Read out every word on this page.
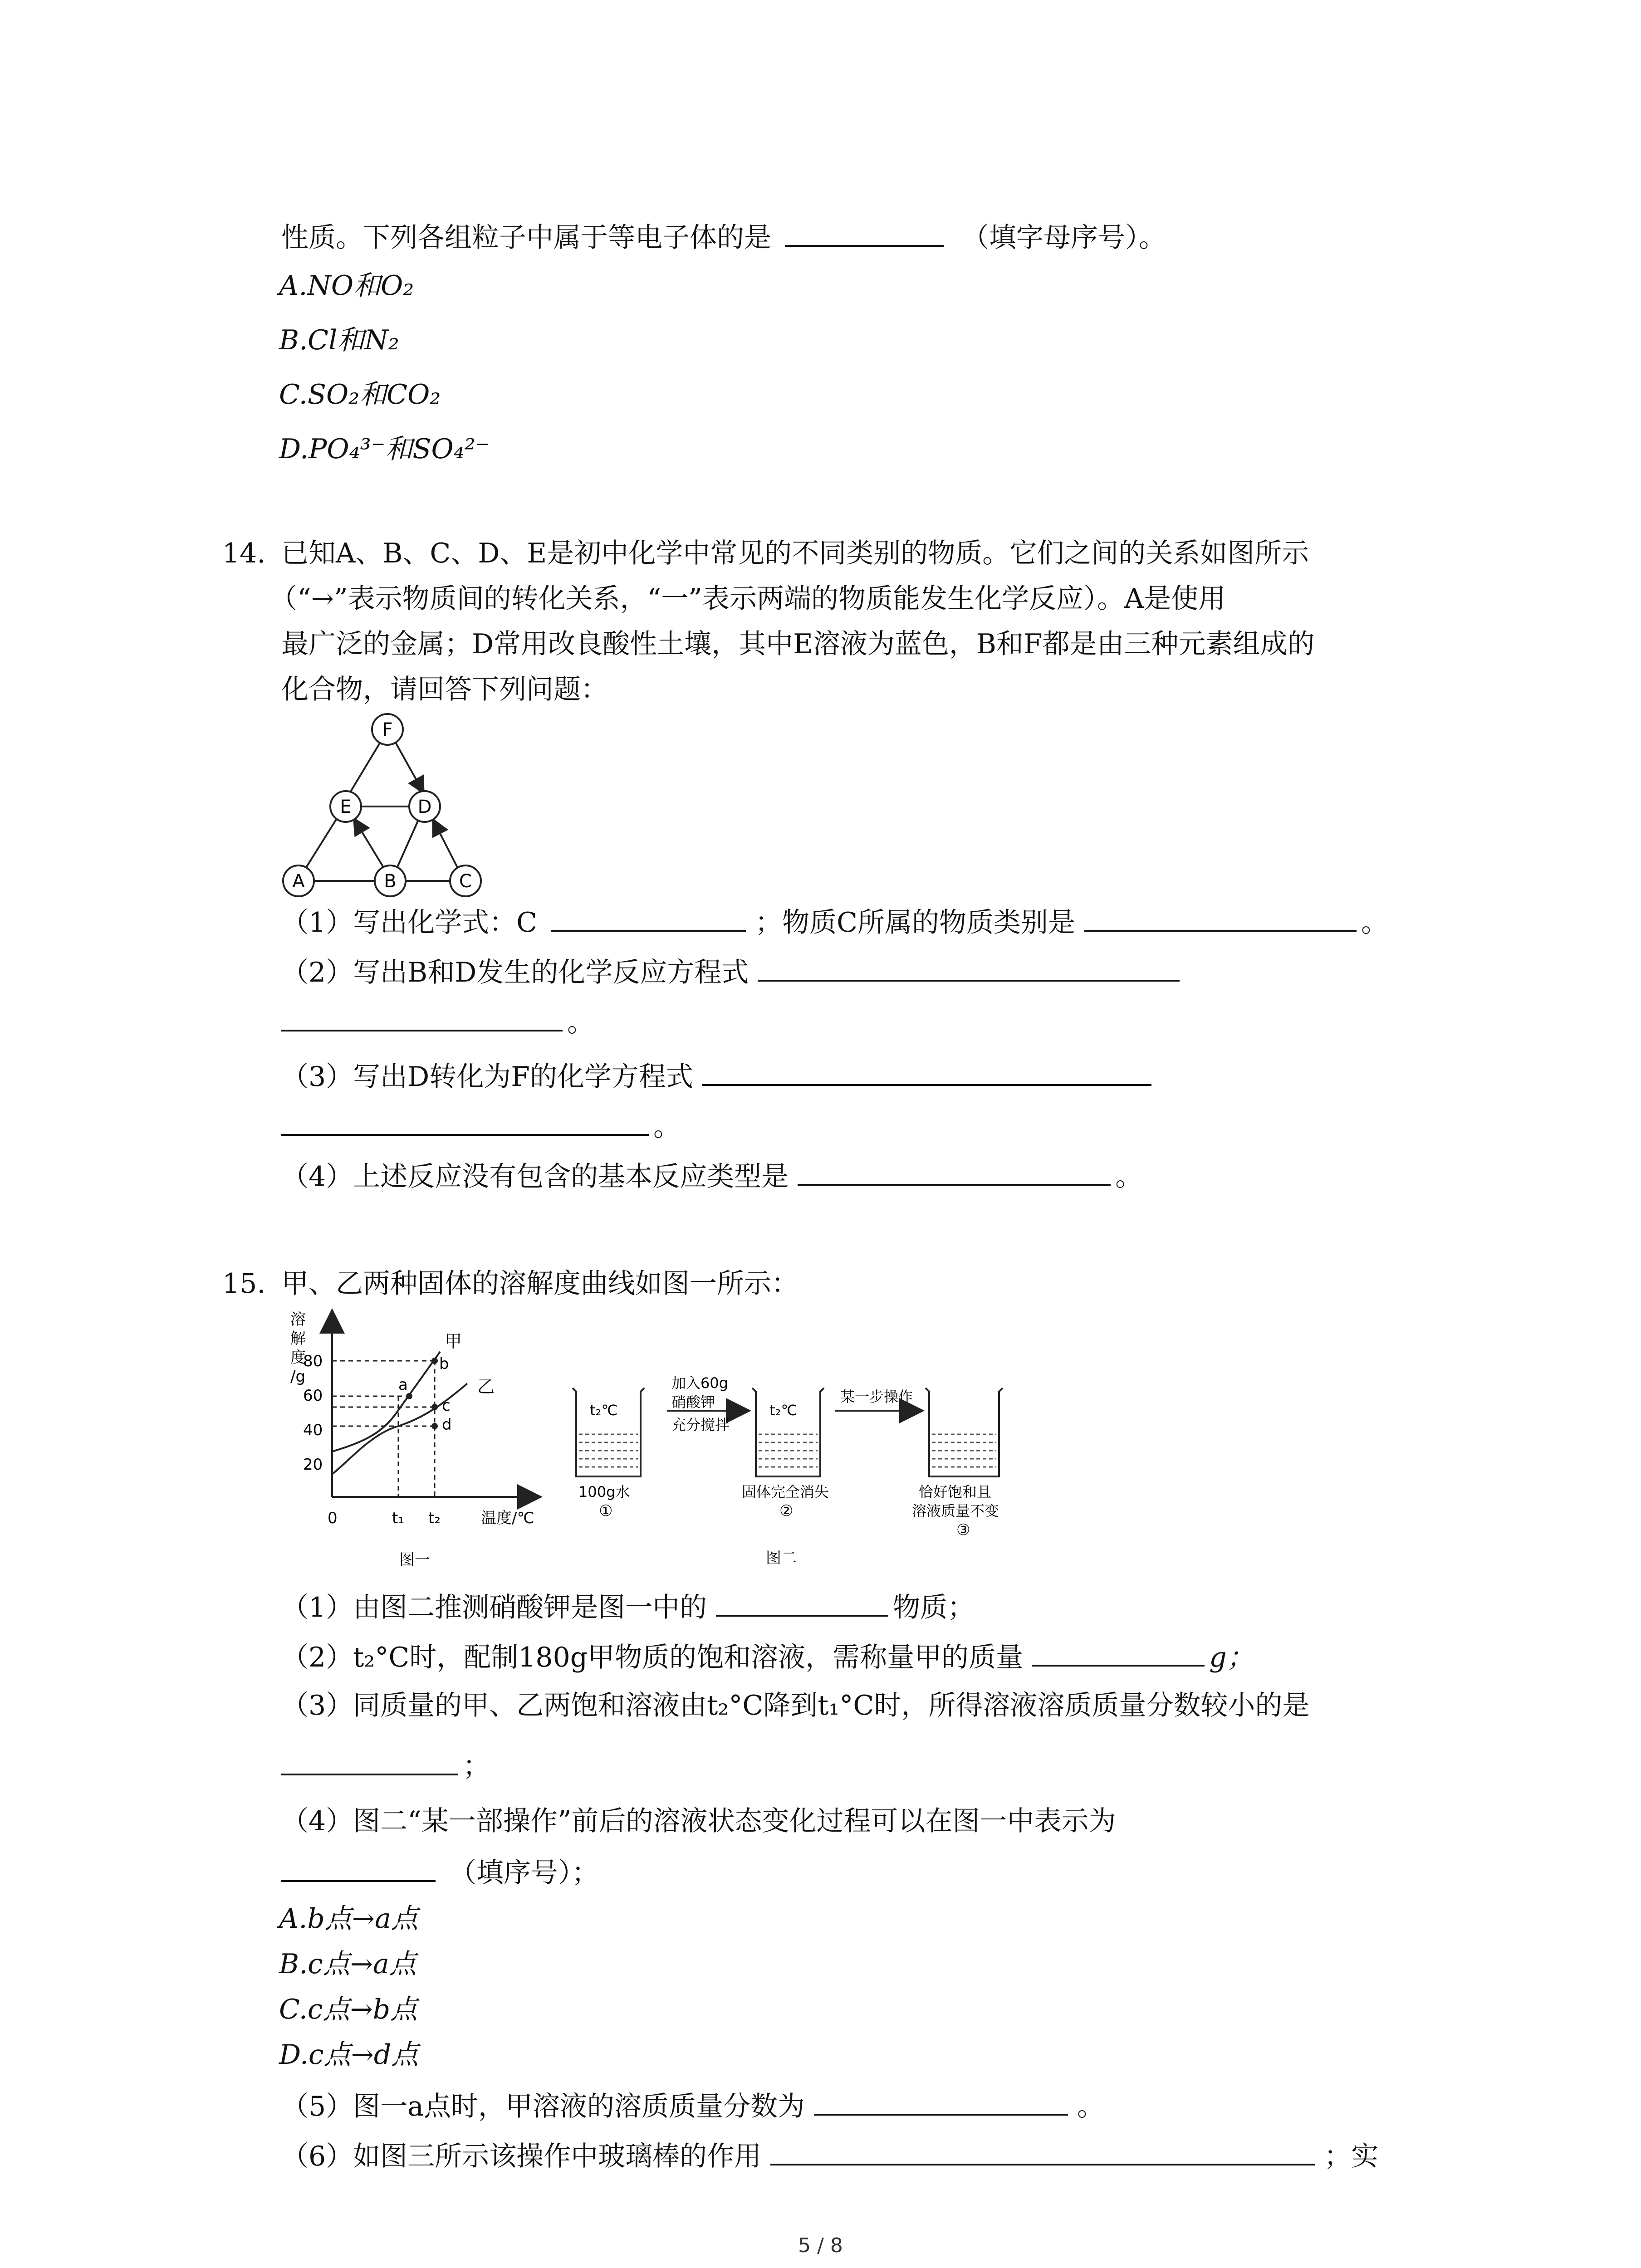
性质。下列各组粒子中属于等电子体的是	（填字母序号）。
A.NO和O₂
B.Cl和N₂
C.SO₂和CO₂
D.PO₄³⁻和SO₄²⁻
14. 已知A、B、C、D、E是初中化学中常见的不同类别的物质。它们之间的关系如图所示
（“→”表示物质间的转化关系，“一”表示两端的物质能发生化学反应）。A是使用
最广泛的金属；D常用改良酸性土壤，其中E溶液为蓝色，B和F都是由三种元素组成的
化合物，请回答下列问题：
F
E	D
A	B	C
（1）写出化学式：C	；物质C所属的物质类别是	。
（2）写出B和D发生的化学反应方程式
。
（3）写出D转化为F的化学方程式
。
（4）上述反应没有包含的基本反应类型是	。
15. 甲、乙两种固体的溶解度曲线如图一所示：
溶
解
度
/g
80
60
40
20
a
b
c
d
甲
乙
0	t₁ t₂	温度/℃
图一
t₂℃
100g水
①
加入60g
硝酸钾
充分搅拌
t₂℃
固体完全消失
②
某一步操作
恰好饱和且
溶液质量不变
③
图二
（1）由图二推测硝酸钾是图一中的	物质；
（2）t₂°C时，配制180g甲物质的饱和溶液，需称量甲的质量	g；
（3）同质量的甲、乙两饱和溶液由t₂°C降到t₁°C时，所得溶液溶质质量分数较小的是
；
（4）图二“某一部操作”前后的溶液状态变化过程可以在图一中表示为
（填序号）；
A.b点→a点
B.c点→a点
C.c点→b点
D.c点→d点
（5）图一a点时，甲溶液的溶质质量分数为	。
（6）如图三所示该操作中玻璃棒的作用	；实
5 / 8
